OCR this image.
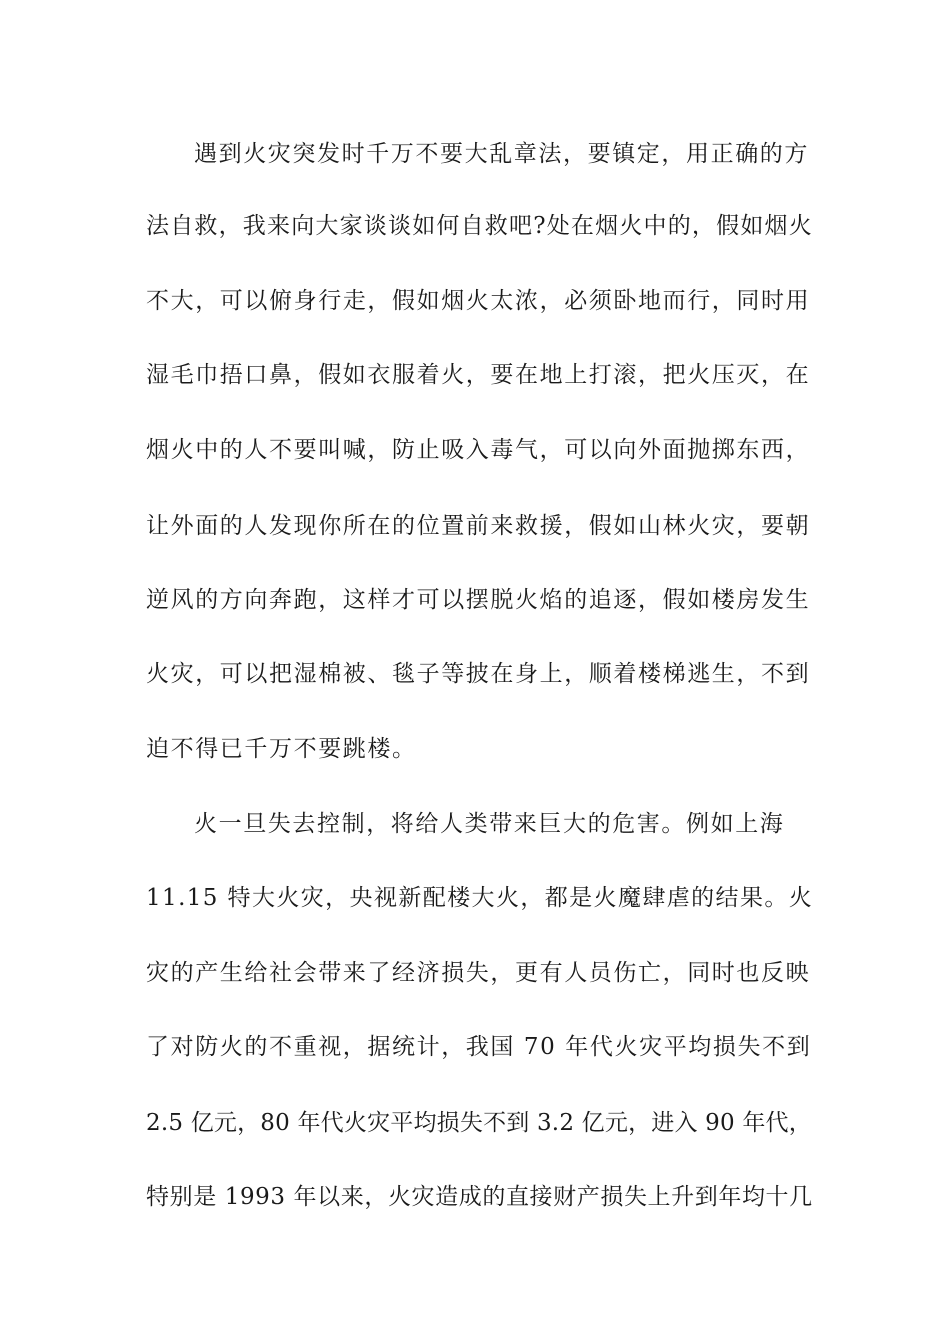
遇到火灾突发时千万不要大乱章法，要镇定，用正确的方
法自救，我来向大家谈谈如何自救吧?处在烟火中的，假如烟火
不大，可以俯身行走，假如烟火太浓，必须卧地而行，同时用
湿毛巾捂口鼻，假如衣服着火，要在地上打滚，把火压灭，在
烟火中的人不要叫喊，防止吸入毒气，可以向外面抛掷东西，
让外面的人发现你所在的位置前来救援，假如山林火灾，要朝
逆风的方向奔跑，这样才可以摆脱火焰的追逐，假如楼房发生
火灾，可以把湿棉被、毯子等披在身上，顺着楼梯逃生，不到
迫不得已千万不要跳楼。
火一旦失去控制，将给人类带来巨大的危害。例如上海
11.15 特大火灾，央视新配楼大火，都是火魔肆虐的结果。火
灾的产生给社会带来了经济损失，更有人员伤亡，同时也反映
了对防火的不重视，据统计，我国 70 年代火灾平均损失不到
2.5 亿元，80 年代火灾平均损失不到 3.2 亿元，进入 90 年代，
特别是 1993 年以来，火灾造成的直接财产损失上升到年均十几
